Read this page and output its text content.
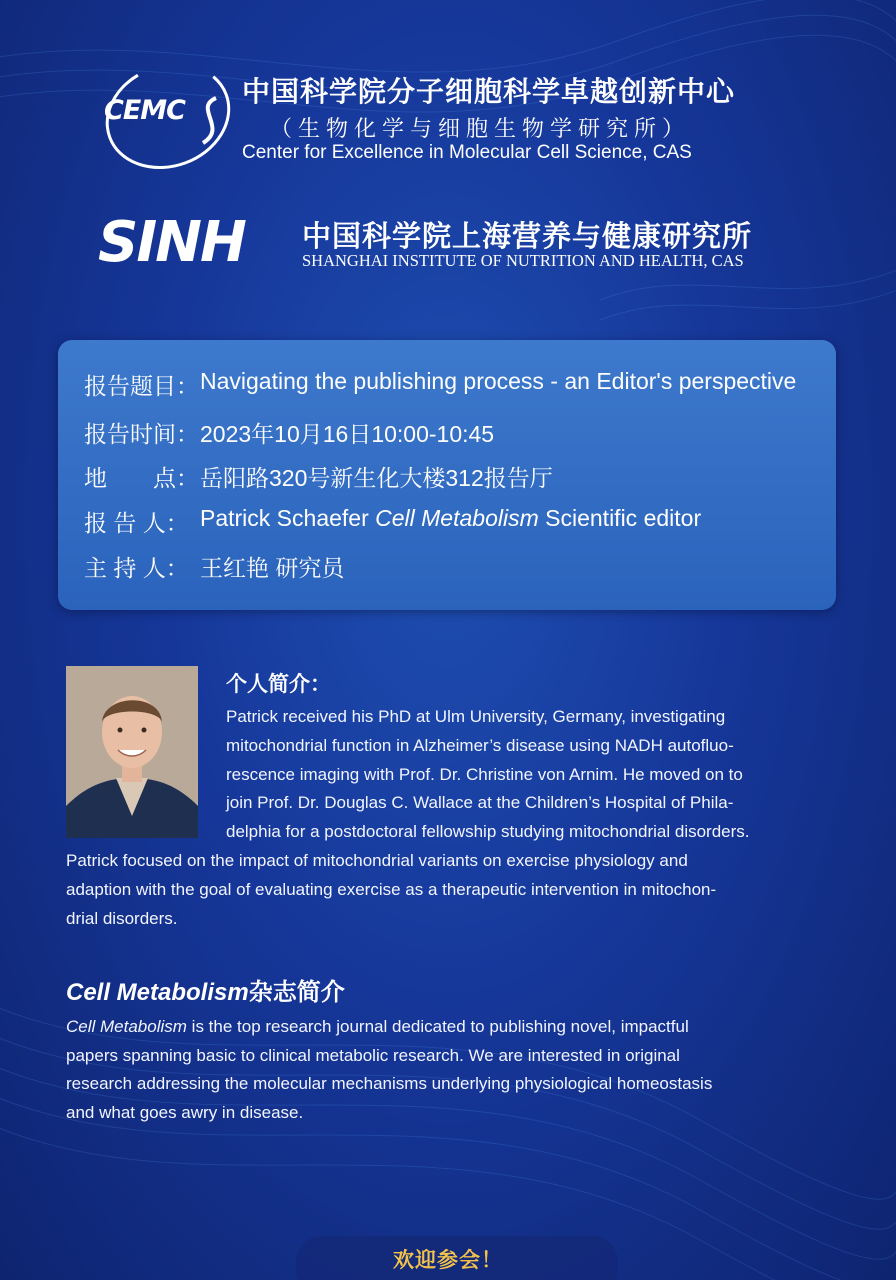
CEMC
中国科学院分子细胞科学卓越创新中心
（生物化学与细胞生物学研究所）
Center for Excellence in Molecular Cell Science, CAS
SINH 中国科学院上海营养与健康研究所
SHANGHAI INSTITUTE OF NUTRITION AND HEALTH, CAS
报告题目： Navigating the publishing process - an Editor's perspective
报告时间： 2023年10月16日10:00-10:45
地　　点： 岳阳路320号新生化大楼312报告厅
报 告 人： Patrick Schaefer Cell Metabolism Scientific editor
主 持 人： 王红艳 研究员
个人简介：
Patrick received his PhD at Ulm University, Germany, investigating
mitochondrial function in Alzheimer’s disease using NADH autofluo-
rescence imaging with Prof. Dr. Christine von Arnim. He moved on to
join Prof. Dr. Douglas C. Wallace at the Children’s Hospital of Phila-
delphia for a postdoctoral fellowship studying mitochondrial disorders.
Patrick focused on the impact of mitochondrial variants on exercise physiology and
adaption with the goal of evaluating exercise as a therapeutic intervention in mitochon-
drial disorders.
Cell Metabolism杂志简介
Cell Metabolism is the top research journal dedicated to publishing novel, impactful
papers spanning basic to clinical metabolic research. We are interested in original
research addressing the molecular mechanisms underlying physiological homeostasis
and what goes awry in disease.
欢迎参会！
